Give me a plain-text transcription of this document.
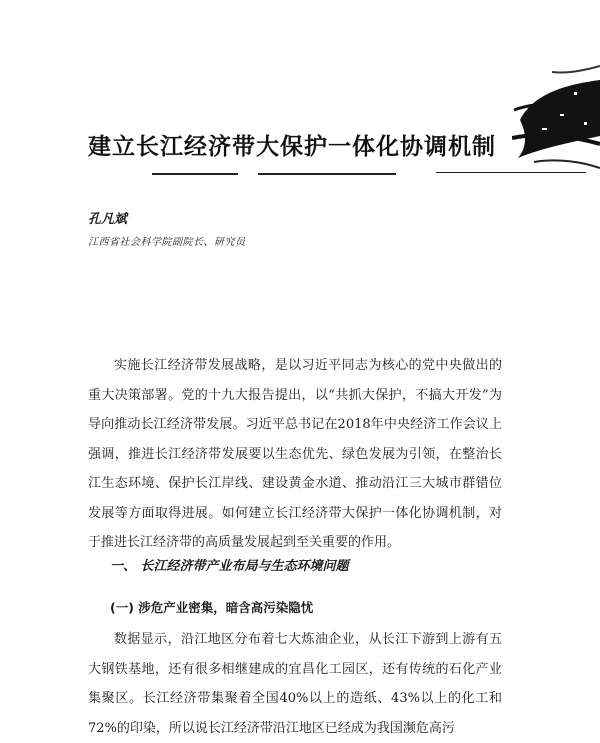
建立长江经济带大保护一体化协调机制
孔凡斌
江西省社会科学院副院长、研究员

实施长江经济带发展战略，是以习近平同志为核心的党中央做出的重大决策部署。党的十九大报告提出，以“共抓大保护，不搞大开发”为导向推动长江经济带发展。习近平总书记在2018年中央经济工作会议上强调，推进长江经济带发展要以生态优先、绿色发展为引领，在整治长江生态环境、保护长江岸线、建设黄金水道、推动沿江三大城市群错位发展等方面取得进展。如何建立长江经济带大保护一体化协调机制，对于推进长江经济带的高质量发展起到至关重要的作用。

一、 长江经济带产业布局与生态环境问题
(一) 涉危产业密集，暗含高污染隐忧

数据显示，沿江地区分布着七大炼油企业，从长江下游到上游有五大钢铁基地，还有很多相继建成的宜昌化工园区，还有传统的石化产业集聚区。长江经济带集聚着全国40%以上的造纸、43%以上的化工和72%的印染，所以说长江经济带沿江地区已经成为我国濒危高污
